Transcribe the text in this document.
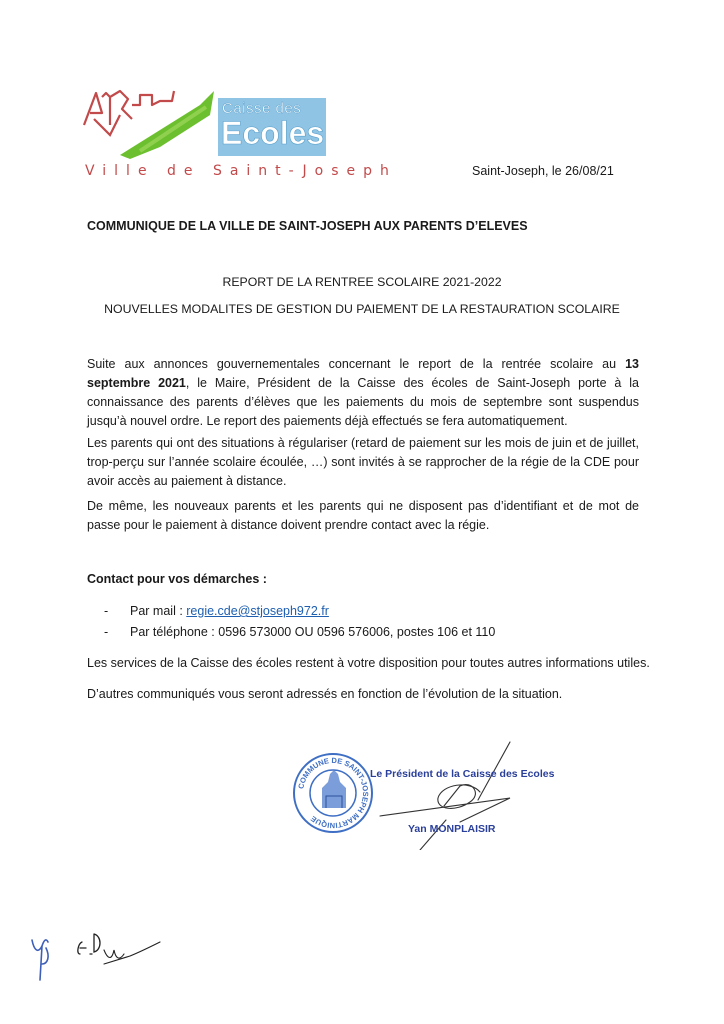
Caisse des
Ecoles
Ville de Saint-Joseph	Saint-Joseph, le 26/08/21
COMMUNIQUE DE LA VILLE DE SAINT-JOSEPH AUX PARENTS D’ELEVES
REPORT DE LA RENTREE SCOLAIRE 2021-2022
NOUVELLES MODALITES DE GESTION DU PAIEMENT DE LA RESTAURATION SCOLAIRE

Suite aux annonces gouvernementales concernant le report de la rentrée scolaire au 13 septembre 2021, le Maire, Président de la Caisse des écoles de Saint-Joseph porte à la connaissance des parents d’élèves que les paiements du mois de septembre sont suspendus jusqu’à nouvel ordre. Le report des paiements déjà effectués se fera automatiquement.

Les parents qui ont des situations à régulariser (retard de paiement sur les mois de juin et de juillet, trop-perçu sur l’année scolaire écoulée, …) sont invités à se rapprocher de la régie de la CDE pour avoir accès au paiement à distance.

De même, les nouveaux parents et les parents qui ne disposent pas d’identifiant et de mot de passe pour le paiement à distance doivent prendre contact avec la régie.

Contact pour vos démarches :
- Par mail : regie.cde@stjoseph972.fr
- Par téléphone : 0596 573000 OU 0596 576006, postes 106 et 110
Les services de la Caisse des écoles restent à votre disposition pour toutes autres informations utiles.
D’autres communiqués vous seront adressés en fonction de l’évolution de la situation.
COMMUNE DE SAINT-JOSEPH MARTINIQUE
Le Président de la Caisse des Ecoles
Yan MONPLAISIR
